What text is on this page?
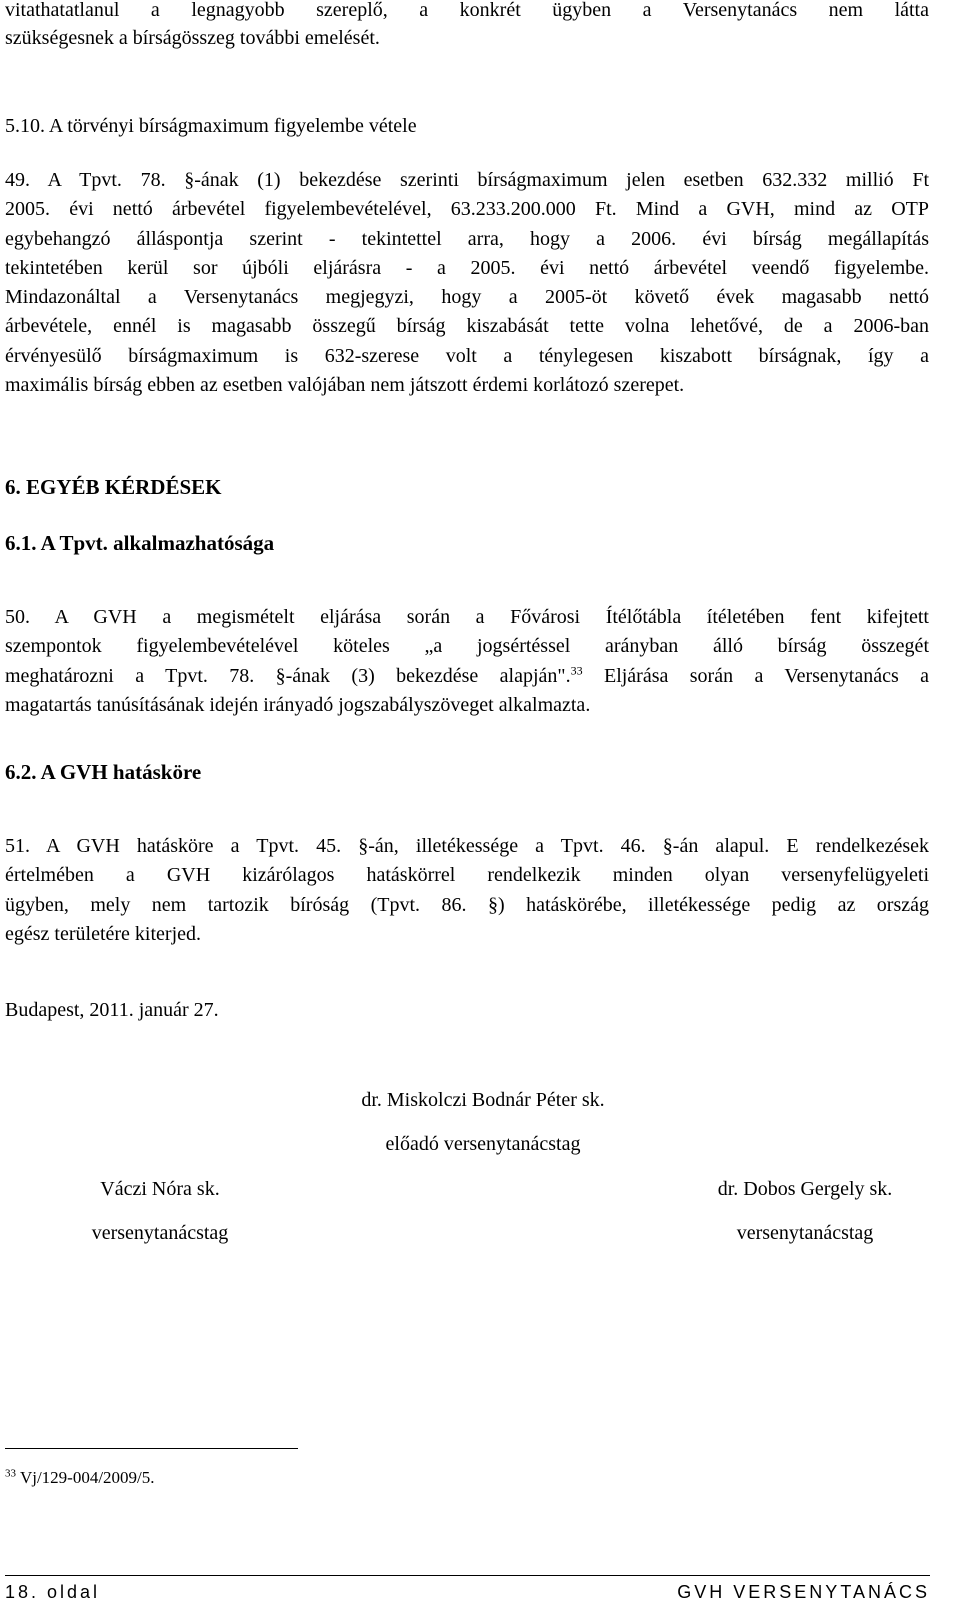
vitathatatlanul a legnagyobb szereplő, a konkrét ügyben a Versenytanács nem látta
szükségesnek a bírságösszeg további emelését.
5.10. A törvényi bírságmaximum figyelembe vétele
49. A Tpvt. 78. §-ának (1) bekezdése szerinti bírságmaximum jelen esetben 632.332 millió Ft
2005. évi nettó árbevétel figyelembevételével, 63.233.200.000 Ft. Mind a GVH, mind az OTP
egybehangzó álláspontja szerint - tekintettel arra, hogy a 2006. évi bírság megállapítás
tekintetében kerül sor újbóli eljárásra - a 2005. évi nettó árbevétel veendő figyelembe.
Mindazonáltal a Versenytanács megjegyzi, hogy a 2005-öt követő évek magasabb nettó
árbevétele, ennél is magasabb összegű bírság kiszabását tette volna lehetővé, de a 2006-ban
érvényesülő bírságmaximum is 632-szerese volt a ténylegesen kiszabott bírságnak, így a
maximális bírság ebben az esetben valójában nem játszott érdemi korlátozó szerepet.
6. EGYÉB KÉRDÉSEK
6.1. A Tpvt. alkalmazhatósága
50. A GVH a megismételt eljárása során a Fővárosi Ítélőtábla ítéletében fent kifejtett
szempontok figyelembevételével köteles „a jogsértéssel arányban álló bírság összegét
meghatározni a Tpvt. 78. §-ának (3) bekezdése alapján".$^{33}$ Eljárása során a Versenytanács a
magatartás tanúsításának idején irányadó jogszabályszöveget alkalmazta.
6.2. A GVH hatásköre
51. A GVH hatásköre a Tpvt. 45. §-án, illetékessége a Tpvt. 46. §-án alapul. E rendelkezések
értelmében a GVH kizárólagos hatáskörrel rendelkezik minden olyan versenyfelügyeleti
ügyben, mely nem tartozik bíróság (Tpvt. 86. §) hatáskörébe, illetékessége pedig az ország
egész területére kiterjed.
Budapest, 2011. január 27.
dr. Miskolczi Bodnár Péter sk.
előadó versenytanácstag
Váczi Nóra sk.
versenytanácstag
dr. Dobos Gergely sk.
versenytanácstag
$^{33}$ Vj/129-004/2009/5.
18. oldal	GVH VERSENYTANÁCS
